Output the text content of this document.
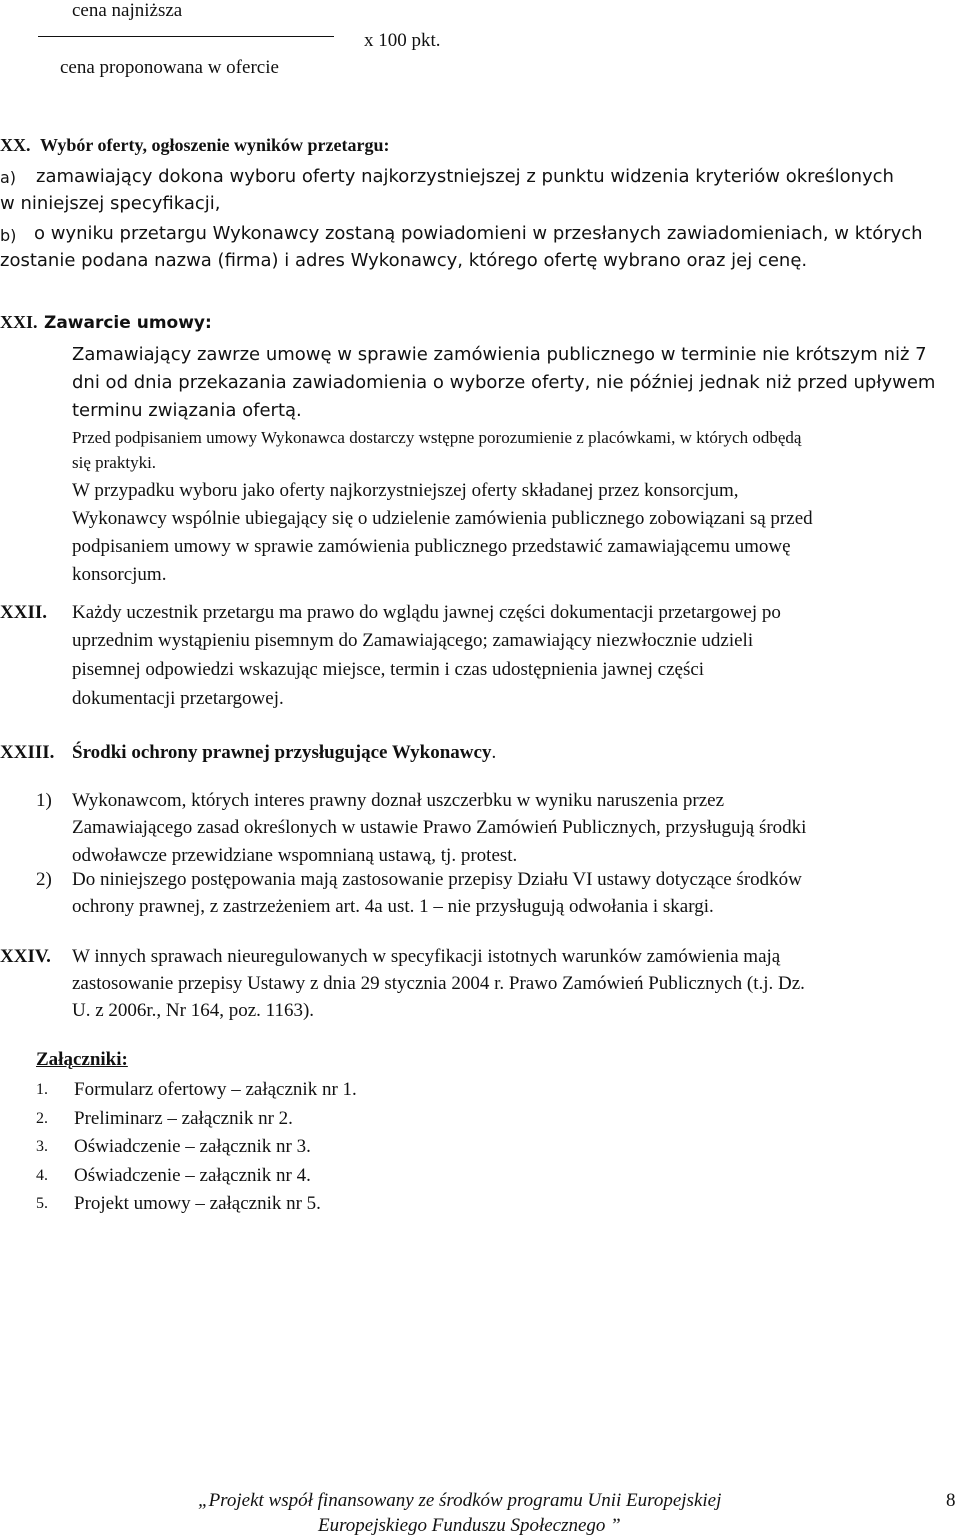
cena najniższa
cena proponowana w ofercie
x 100 pkt.
XX. Wybór oferty, ogłoszenie wyników przetargu:
a) zamawiający dokona wyboru oferty najkorzystniejszej z punktu widzenia kryteriów określonych
w niniejszej specyfikacji,
b) o wyniku przetargu Wykonawcy zostaną powiadomieni w przesłanych zawiadomieniach, w których
zostanie podana nazwa (firma) i adres Wykonawcy, którego ofertę wybrano oraz jej cenę.
XXI. Zawarcie umowy:
Zamawiający zawrze umowę w sprawie zamówienia publicznego w terminie nie krótszym niż 7
dni od dnia przekazania zawiadomienia o wyborze oferty, nie później jednak niż przed upływem
terminu związania ofertą.
Przed podpisaniem umowy Wykonawca dostarczy wstępne porozumienie z placówkami, w których odbędą
się praktyki.
W przypadku wyboru jako oferty najkorzystniejszej oferty składanej przez konsorcjum,
Wykonawcy wspólnie ubiegający się o udzielenie zamówienia publicznego zobowiązani są przed
podpisaniem umowy w sprawie zamówienia publicznego przedstawić zamawiającemu umowę
konsorcjum.
XXII. Każdy uczestnik przetargu ma prawo do wglądu jawnej części dokumentacji przetargowej po
uprzednim wystąpieniu pisemnym do Zamawiającego; zamawiający niezwłocznie udzieli
pisemnej odpowiedzi wskazując miejsce, termin i czas udostępnienia jawnej części
dokumentacji przetargowej.
XXIII. Środki ochrony prawnej przysługujące Wykonawcy.
1) Wykonawcom, których interes prawny doznał uszczerbku w wyniku naruszenia przez
Zamawiającego zasad określonych w ustawie Prawo Zamówień Publicznych, przysługują środki
odwoławcze przewidziane wspomnianą ustawą, tj. protest.
2) Do niniejszego postępowania mają zastosowanie przepisy Działu VI ustawy dotyczące środków
ochrony prawnej, z zastrzeżeniem art. 4a ust. 1 – nie przysługują odwołania i skargi.
XXIV. W innych sprawach nieuregulowanych w specyfikacji istotnych warunków zamówienia mają
zastosowanie przepisy Ustawy z dnia 29 stycznia 2004 r. Prawo Zamówień Publicznych (t.j. Dz.
U. z 2006r., Nr 164, poz. 1163).
Załączniki:
1. Formularz ofertowy – załącznik nr 1.
2. Preliminarz – załącznik nr 2.
3. Oświadczenie – załącznik nr 3.
4. Oświadczenie – załącznik nr 4.
5. Projekt umowy – załącznik nr 5.
„Projekt współ finansowany ze środków programu Unii Europejskiej
Europejskiego Funduszu Społecznego ”
8
